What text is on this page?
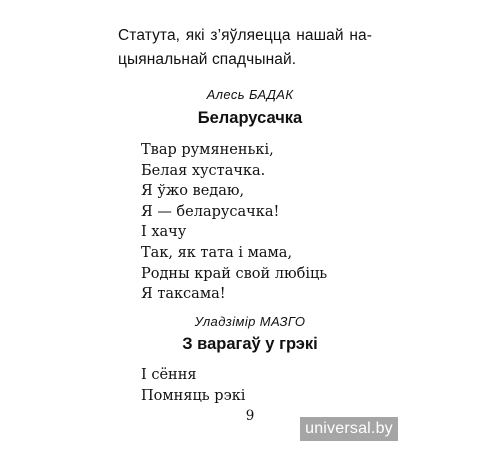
Статута, які з’яўляецца нашай на-
цыянальнай спадчынай.
Алесь БАДАК
Беларусачка
Твар румяненькі,
Белая хустачка.
Я ўжо ведаю,
Я — беларусачка!
І хачу
Так, як тата і мама,
Родны край свой любіць
Я таксама!
Уладзімір МАЗГО
З варагаў у грэкі
І сёння
Помняць рэкі
9
universal.by
